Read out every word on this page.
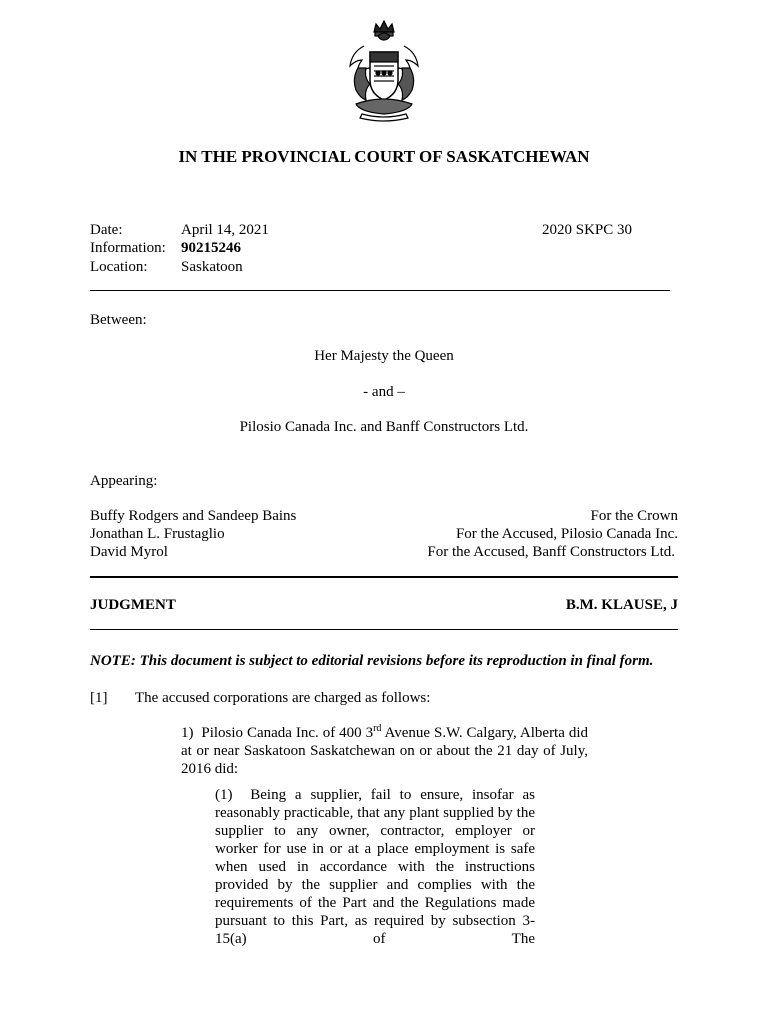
IN THE PROVINCIAL COURT OF SASKATCHEWAN
Date:	April 14, 2021	2020 SKPC 30
Information: 90215246
Location: Saskatoon
Between:
Her Majesty the Queen
- and –
Pilosio Canada Inc. and Banff Constructors Ltd.
Appearing:
Buffy Rodgers and Sandeep Bains	For the Crown
Jonathan L. Frustaglio	For the Accused, Pilosio Canada Inc.
David Myrol	For the Accused, Banff Constructors Ltd.
JUDGMENT	B.M. KLAUSE, J
NOTE: This document is subject to editorial revisions before its reproduction in final form.
[1] The accused corporations are charged as follows:
1)  Pilosio Canada Inc. of 400 3rd Avenue S.W. Calgary, Alberta did at or near Saskatoon Saskatchewan on or about the 21 day of July, 2016 did:
(1)  Being a supplier, fail to ensure, insofar as reasonably practicable, that any plant supplied by the supplier to any owner, contractor, employer or worker for use in or at a place employment is safe when used in accordance with the instructions provided by the supplier and complies with the requirements of the Part and the Regulations made pursuant to this Part, as required by subsection 3-15(a) of The
